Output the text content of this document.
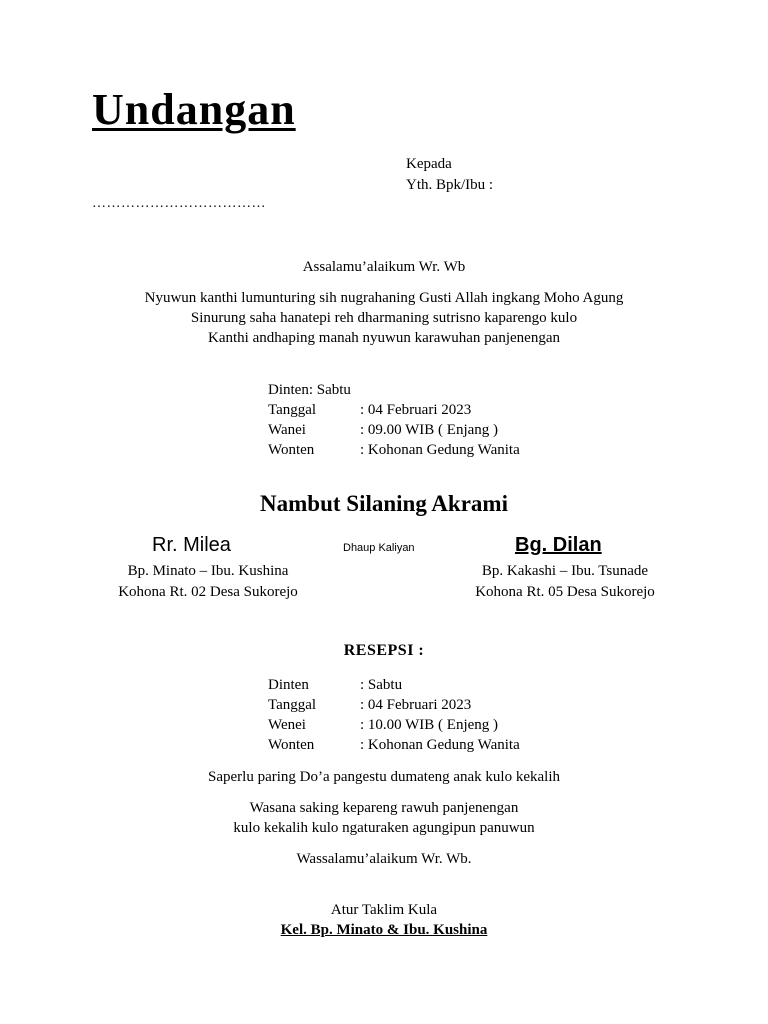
Undangan
Kepada
Yth. Bpk/Ibu :
………………………………
Assalamu’alaikum Wr. Wb
Nyuwun kanthi lumunturing sih nugrahaning Gusti Allah ingkang Moho Agung
Sinurung saha hanatepi reh dharmaning sutrisno kaparengo kulo
Kanthi andhaping manah nyuwun karawuhan panjenengan
Dinten: Sabtu
Tanggal	: 04 Februari 2023
Wanei	: 09.00 WIB ( Enjang )
Wonten	: Kohonan Gedung Wanita
Nambut Silaning Akrami
Rr. Milea	Dhaup Kaliyan	Bg. Dilan
Bp. Minato – Ibu. Kushina
Kohona Rt. 02 Desa Sukorejo
Bp. Kakashi – Ibu. Tsunade
Kohona Rt. 05 Desa Sukorejo
RESEPSI :
Dinten	: Sabtu
Tanggal	: 04 Februari 2023
Wenei	: 10.00 WIB ( Enjeng )
Wonten	: Kohonan Gedung Wanita
Saperlu paring Do’a pangestu dumateng anak kulo kekalih
Wasana saking kepareng rawuh panjenengan
kulo kekalih kulo ngaturaken agungipun panuwun
Wassalamu’alaikum Wr. Wb.
Atur Taklim Kula
Kel. Bp. Minato & Ibu. Kushina
